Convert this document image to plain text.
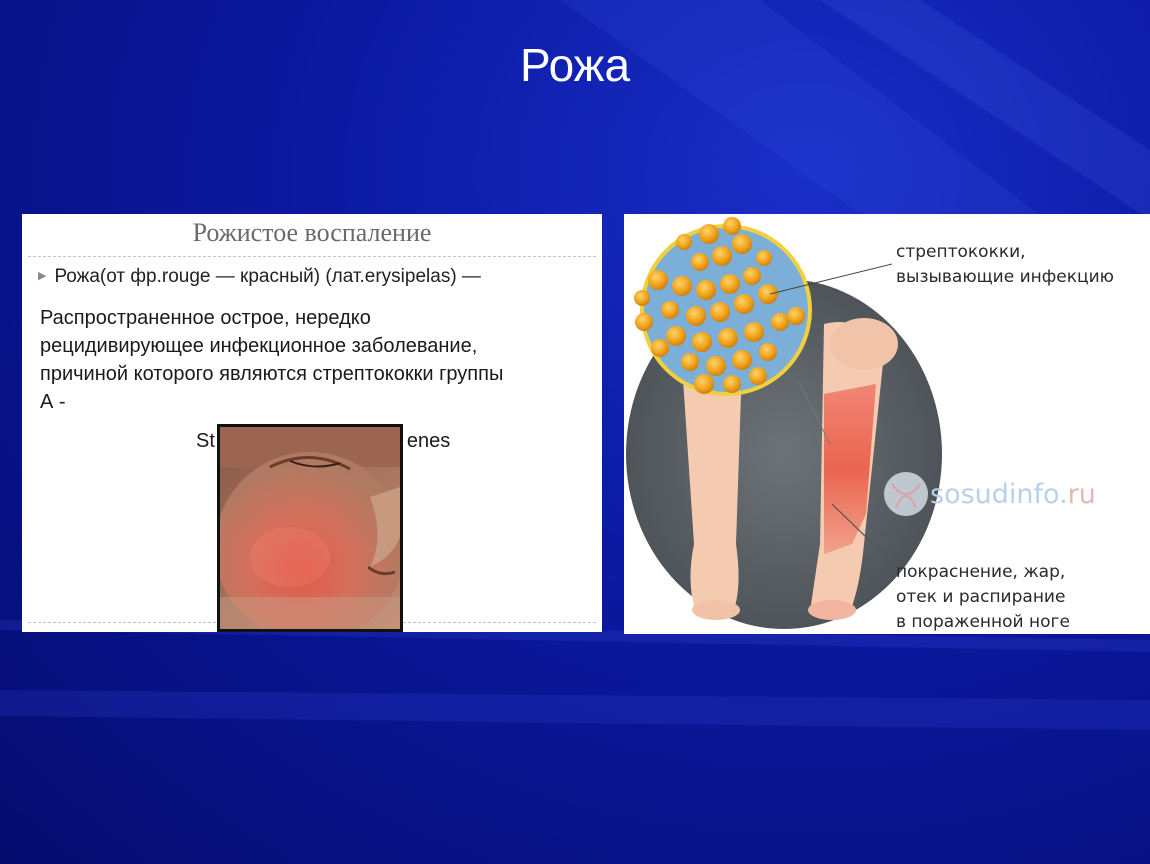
Рожа
Рожистое воспаление
▶ Рожа(от фр.rouge — красный) (лат.erysipelas) —
Распространенное острое, нередко
рецидивирующее инфекционное заболевание,
причиной которого являются стрептококки группы
А -
St	enes
стрептококки,
вызывающие инфекцию
покраснение, жар,
отек и распирание
в пораженной ноге
sosudinfo.ru
